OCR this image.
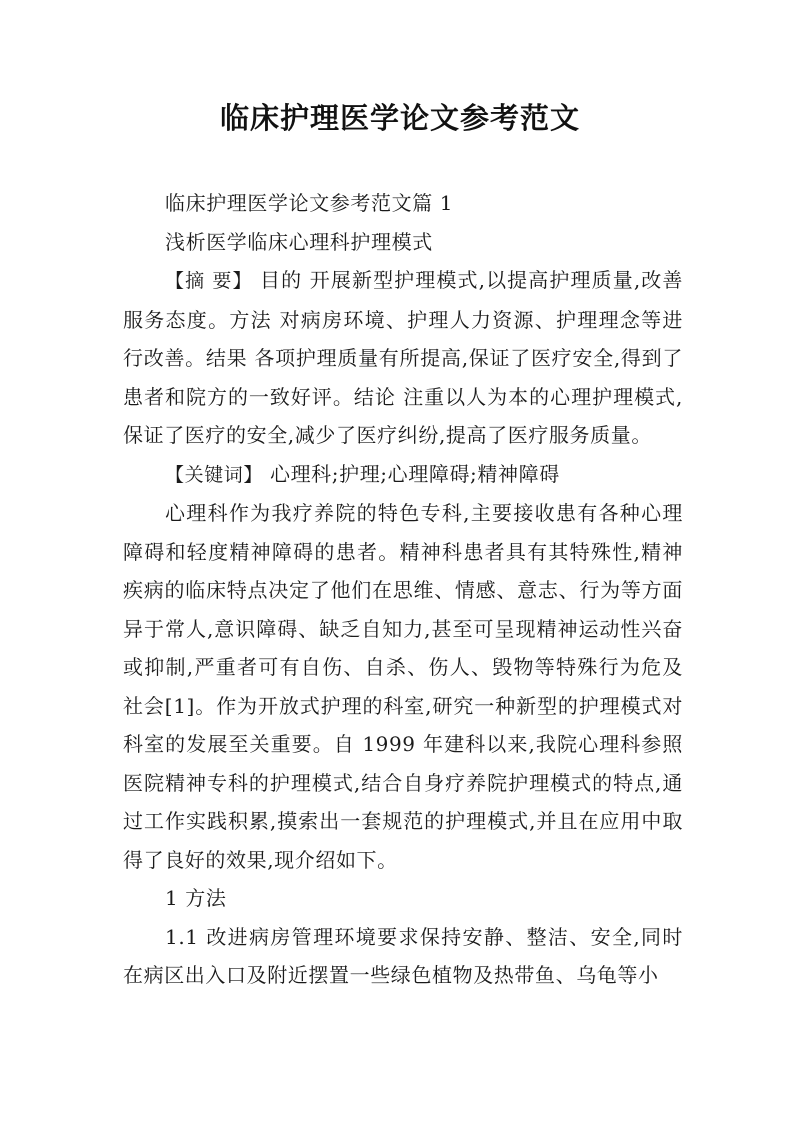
临床护理医学论文参考范文

临床护理医学论文参考范文篇 1

浅析医学临床心理科护理模式

【摘 要】 目的 开展新型护理模式,以提高护理质量,改善服务态度。方法 对病房环境、护理人力资源、护理理念等进行改善。结果 各项护理质量有所提高,保证了医疗安全,得到了患者和院方的一致好评。结论 注重以人为本的心理护理模式,保证了医疗的安全,减少了医疗纠纷,提高了医疗服务质量。

【关键词】 心理科;护理;心理障碍;精神障碍

心理科作为我疗养院的特色专科,主要接收患有各种心理障碍和轻度精神障碍的患者。精神科患者具有其特殊性,精神疾病的临床特点决定了他们在思维、情感、意志、行为等方面异于常人,意识障碍、缺乏自知力,甚至可呈现精神运动性兴奋或抑制,严重者可有自伤、自杀、伤人、毁物等特殊行为危及社会[1]。作为开放式护理的科室,研究一种新型的护理模式对科室的发展至关重要。自 1999 年建科以来,我院心理科参照医院精神专科的护理模式,结合自身疗养院护理模式的特点,通过工作实践积累,摸索出一套规范的护理模式,并且在应用中取得了良好的效果,现介绍如下。

1 方法

1.1 改进病房管理环境要求保持安静、整洁、安全,同时在病区出入口及附近摆置一些绿色植物及热带鱼、乌龟等小
